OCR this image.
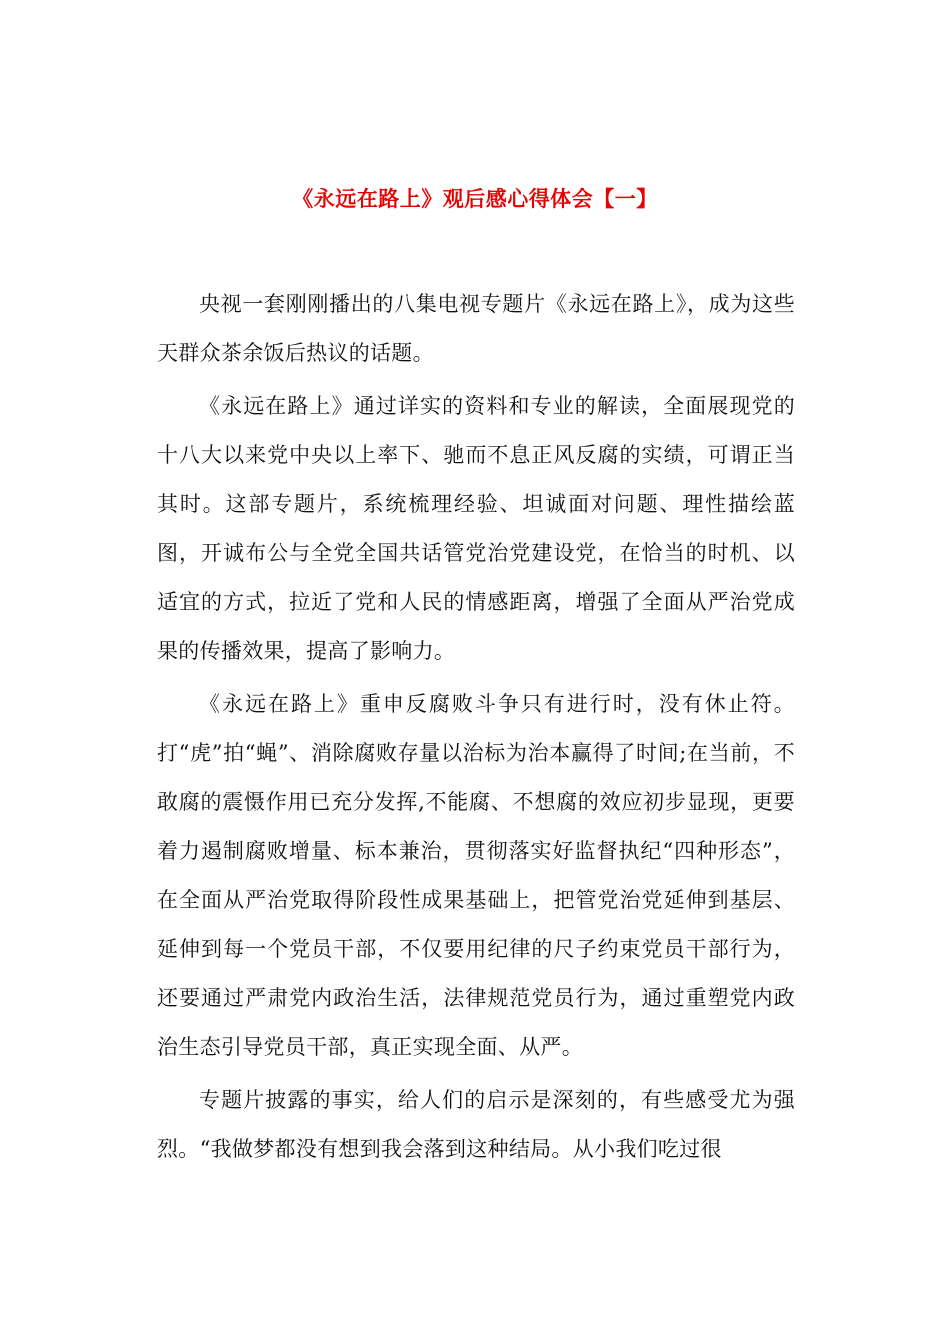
《永远在路上》观后感心得体会【一】

央视一套刚刚播出的八集电视专题片《永远在路上》，成为这些天群众茶余饭后热议的话题。

《永远在路上》通过详实的资料和专业的解读，全面展现党的十八大以来党中央以上率下、驰而不息正风反腐的实绩，可谓正当其时。这部专题片，系统梳理经验、坦诚面对问题、理性描绘蓝图，开诚布公与全党全国共话管党治党建设党，在恰当的时机、以适宜的方式，拉近了党和人民的情感距离，增强了全面从严治党成果的传播效果，提高了影响力。

《永远在路上》重申反腐败斗争只有进行时，没有休止符。打“虎”拍“蝇”、消除腐败存量以治标为治本赢得了时间;在当前，不敢腐的震慑作用已充分发挥,不能腐、不想腐的效应初步显现，更要着力遏制腐败增量、标本兼治，贯彻落实好监督执纪“四种形态”，在全面从严治党取得阶段性成果基础上，把管党治党延伸到基层、延伸到每一个党员干部，不仅要用纪律的尺子约束党员干部行为，还要通过严肃党内政治生活，法律规范党员行为，通过重塑党内政治生态引导党员干部，真正实现全面、从严。

专题片披露的事实，给人们的启示是深刻的，有些感受尤为强烈。“我做梦都没有想到我会落到这种结局。从小我们吃过很
